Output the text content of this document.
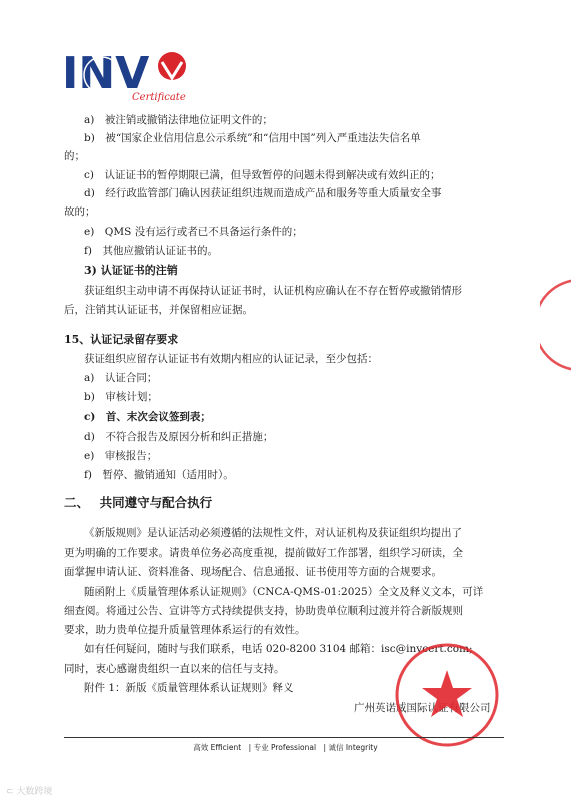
INV
Certificate
a)　被注销或撤销法律地位证明文件的；
b)　被“国家企业信用信息公示系统”和“信用中国”列入严重违法失信名单
的；
c)　认证证书的暂停期限已满，但导致暂停的问题未得到解决或有效纠正的；
d)　经行政监管部门确认因获证组织违规而造成产品和服务等重大质量安全事
故的；
e)　QMS 没有运行或者已不具备运行条件的；
f)　其他应撤销认证证书的。
3) 认证证书的注销
获证组织主动申请不再保持认证证书时，认证机构应确认在不存在暂停或撤销情形
后，注销其认证证书，并保留相应证据。
15、认证记录留存要求
获证组织应留存认证证书有效期内相应的认证记录，至少包括：
a)　认证合同；
b)　审核计划；
c)　首、末次会议签到表；
d)　不符合报告及原因分析和纠正措施；
e)　审核报告；
f)　暂停、撤销通知（适用时）。
二、　 共同遵守与配合执行
《新版规则》是认证活动必须遵循的法规性文件，对认证机构及获证组织均提出了
更为明确的工作要求。请贵单位务必高度重视，提前做好工作部署，组织学习研读，全
面掌握申请认证、资料准备、现场配合、信息通报、证书使用等方面的合规要求。
随函附上《质量管理体系认证规则》（CNCA-QMS-01:2025）全文及释义文本，可详
细查阅。将通过公告、宣讲等方式持续提供支持，协助贵单位顺利过渡并符合新版规则
要求，助力贵单位提升质量管理体系运行的有效性。
如有任何疑问，随时与我们联系，电话 020-8200 3104 邮箱：isc@invcert.com;
同时，衷心感谢贵组织一直以来的信任与支持。
附件 1：新版《质量管理体系认证规则》释义
广州英诺威国际认证有限公司
高效 Efficient　| 专业 Professional　| 诚信 Integrity
⊂ 大数跨境
